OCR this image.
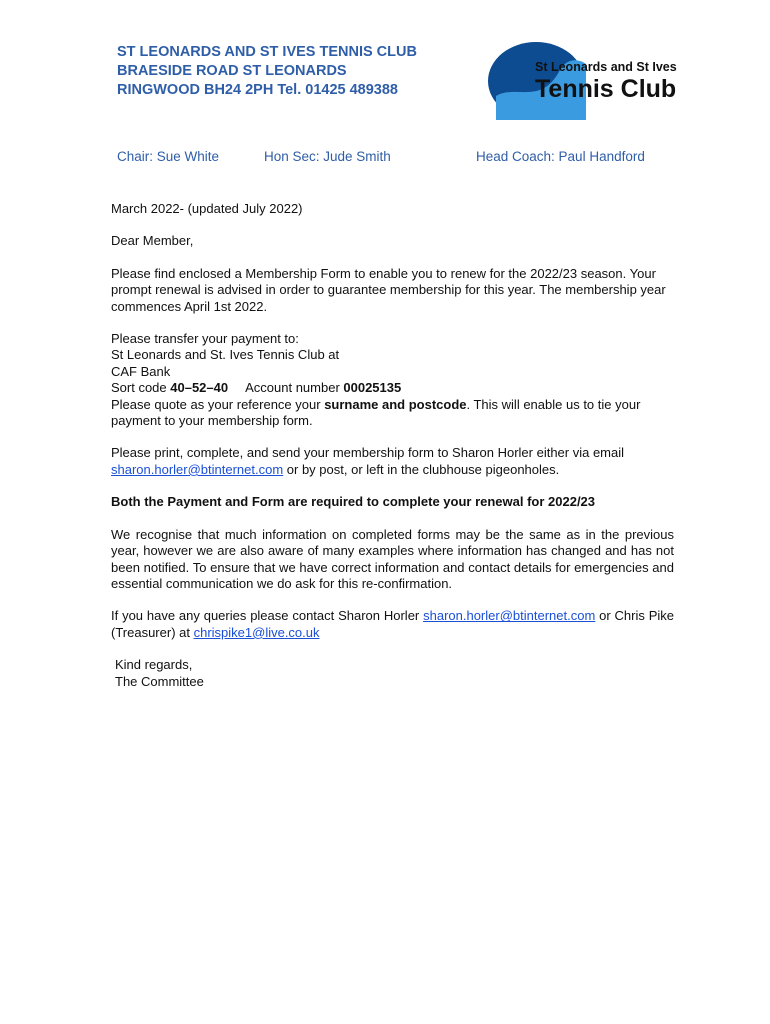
ST LEONARDS AND ST IVES TENNIS CLUB
BRAESIDE ROAD ST LEONARDS
RINGWOOD BH24 2PH Tel. 01425 489388
St Leonards and St Ives
Tennis Club
Chair: Sue White	Hon Sec: Jude Smith	Head Coach: Paul Handford

March 2022- (updated July 2022)

Dear Member,

Please find enclosed a Membership Form to enable you to renew for the 2022/23 season. Your prompt renewal is advised in order to guarantee membership for this year. The membership year commences April 1st 2022.

Please transfer your payment to:
St Leonards and St. Ives Tennis Club at
CAF Bank
Sort code 40–52–40 Account number 00025135
Please quote as your reference your surname and postcode. This will enable us to tie your payment to your membership form.

Please print, complete, and send your membership form to Sharon Horler either via email sharon.horler@btinternet.com or by post, or left in the clubhouse pigeonholes.

Both the Payment and Form are required to complete your renewal for 2022/23

We recognise that much information on completed forms may be the same as in the previous year, however we are also aware of many examples where information has changed and has not been notified. To ensure that we have correct information and contact details for emergencies and essential communication we do ask for this re-confirmation.

If you have any queries please contact Sharon Horler sharon.horler@btinternet.com or Chris Pike (Treasurer) at chrispike1@live.co.uk

Kind regards,
The Committee
